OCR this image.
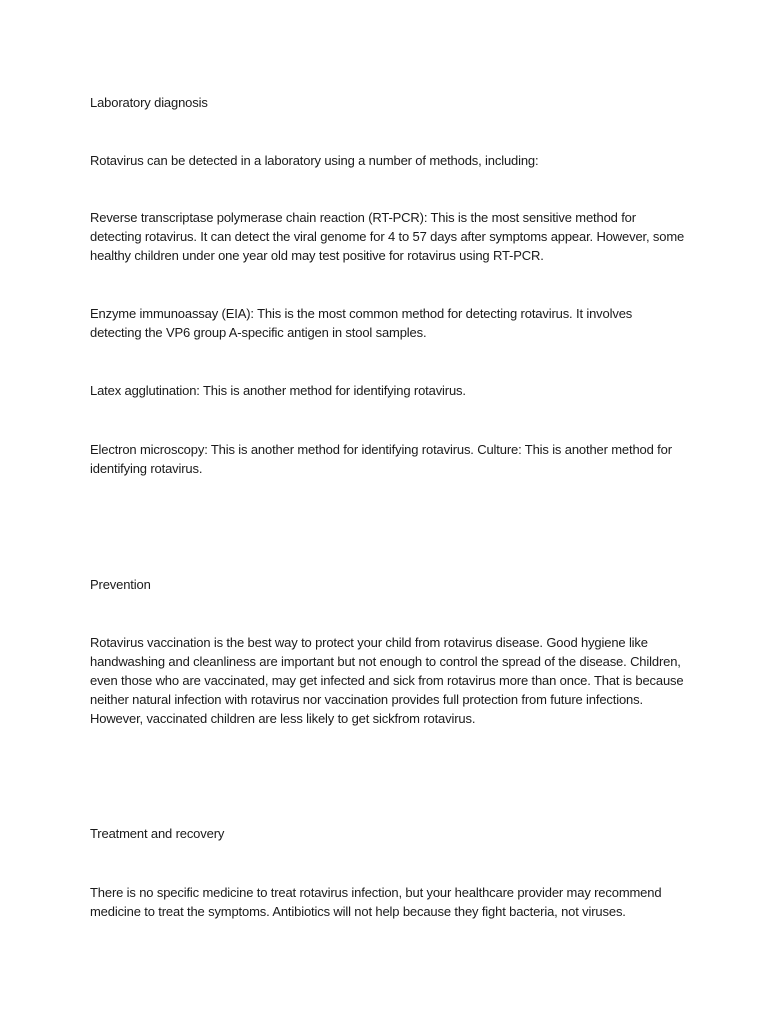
Laboratory diagnosis

Rotavirus can be detected in a laboratory using a number of methods, including:

Reverse transcriptase polymerase chain reaction (RT-PCR): This is the most sensitive method for detecting rotavirus. It can detect the viral genome for 4 to 57 days after symptoms appear. However, some healthy children under one year old may test positive for rotavirus using RT-PCR.

Enzyme immunoassay (EIA): This is the most common method for detecting rotavirus. It involves detecting the VP6 group A-specific antigen in stool samples.

Latex agglutination: This is another method for identifying rotavirus.

Electron microscopy: This is another method for identifying rotavirus. Culture: This is another method for identifying rotavirus.

Prevention

Rotavirus vaccination is the best way to protect your child from rotavirus disease. Good hygiene like handwashing and cleanliness are important but not enough to control the spread of the disease. Children, even those who are vaccinated, may get infected and sick from rotavirus more than once. That is because neither natural infection with rotavirus nor vaccination provides full protection from future infections. However, vaccinated children are less likely to get sickfrom rotavirus.

Treatment and recovery

There is no specific medicine to treat rotavirus infection, but your healthcare provider may recommend medicine to treat the symptoms. Antibiotics will not help because they fight bacteria, not viruses.
